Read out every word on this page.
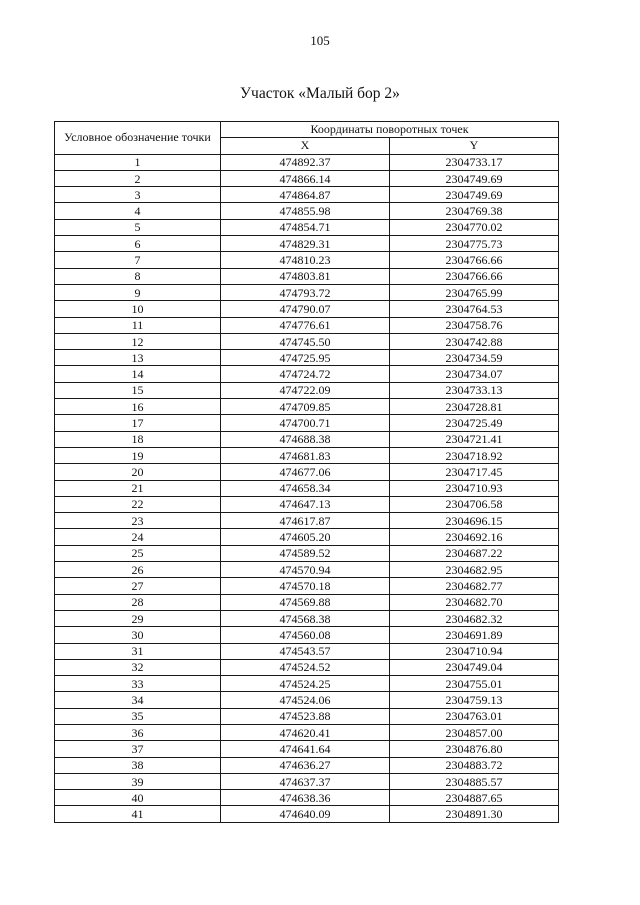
105
Участок «Малый бор 2»
Условное обозначение точки	Координаты поворотных точек	
	X	Y
1	474892.37	2304733.17
2	474866.14	2304749.69
3	474864.87	2304749.69
4	474855.98	2304769.38
5	474854.71	2304770.02
6	474829.31	2304775.73
7	474810.23	2304766.66
8	474803.81	2304766.66
9	474793.72	2304765.99
10	474790.07	2304764.53
11	474776.61	2304758.76
12	474745.50	2304742.88
13	474725.95	2304734.59
14	474724.72	2304734.07
15	474722.09	2304733.13
16	474709.85	2304728.81
17	474700.71	2304725.49
18	474688.38	2304721.41
19	474681.83	2304718.92
20	474677.06	2304717.45
21	474658.34	2304710.93
22	474647.13	2304706.58
23	474617.87	2304696.15
24	474605.20	2304692.16
25	474589.52	2304687.22
26	474570.94	2304682.95
27	474570.18	2304682.77
28	474569.88	2304682.70
29	474568.38	2304682.32
30	474560.08	2304691.89
31	474543.57	2304710.94
32	474524.52	2304749.04
33	474524.25	2304755.01
34	474524.06	2304759.13
35	474523.88	2304763.01
36	474620.41	2304857.00
37	474641.64	2304876.80
38	474636.27	2304883.72
39	474637.37	2304885.57
40	474638.36	2304887.65
41	474640.09	2304891.30
